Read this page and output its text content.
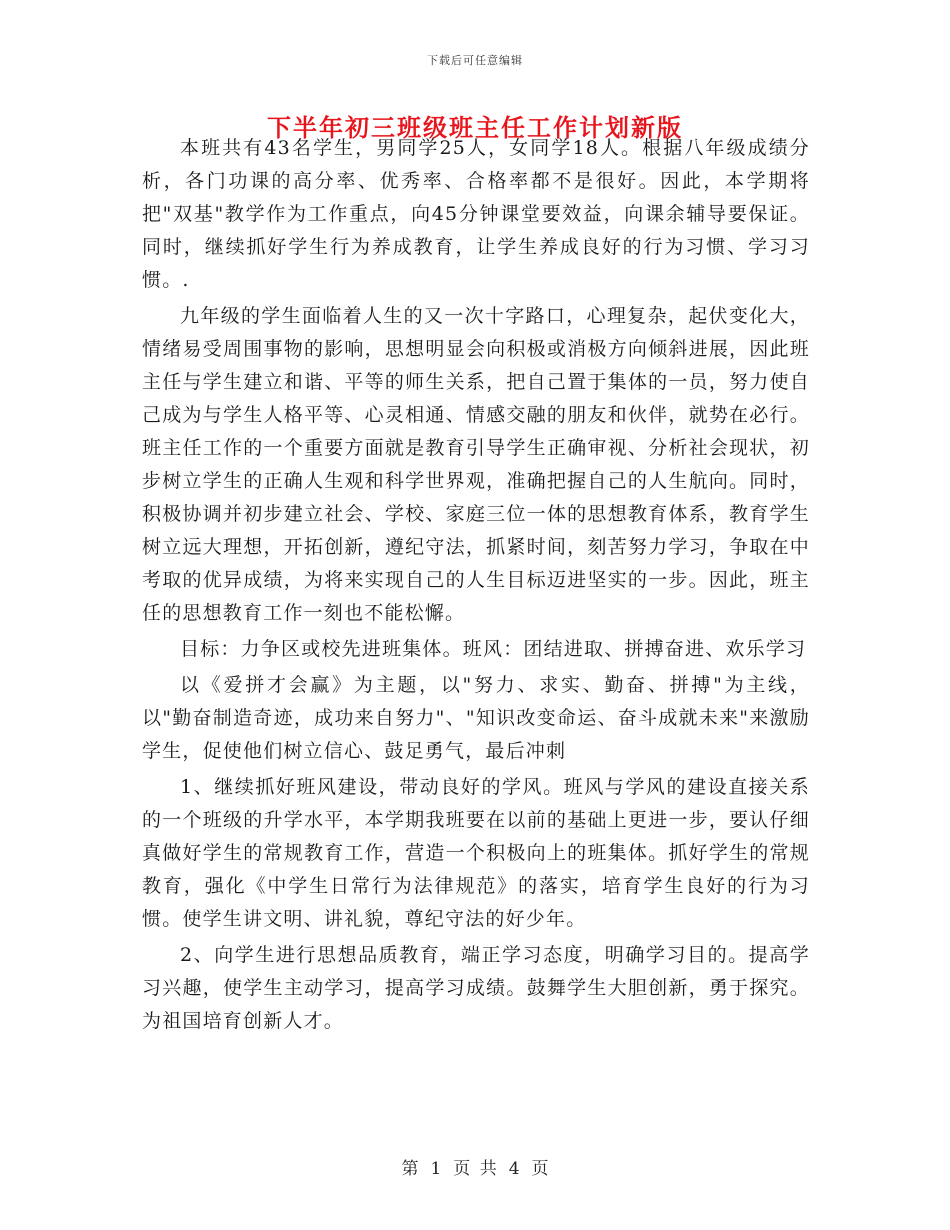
下载后可任意编辑
下半年初三班级班主任工作计划新版

本班共有43名学生，男同学25人，女同学18人。根据八年级成绩分析，各门功课的高分率、优秀率、合格率都不是很好。因此，本学期将把"双基"教学作为工作重点，向45分钟课堂要效益，向课余辅导要保证。同时，继续抓好学生行为养成教育，让学生养成良好的行为习惯、学习习惯。.

九年级的学生面临着人生的又一次十字路口，心理复杂，起伏变化大，情绪易受周围事物的影响，思想明显会向积极或消极方向倾斜进展，因此班主任与学生建立和谐、平等的师生关系，把自己置于集体的一员，努力使自己成为与学生人格平等、心灵相通、情感交融的朋友和伙伴，就势在必行。班主任工作的一个重要方面就是教育引导学生正确审视、分析社会现状，初步树立学生的正确人生观和科学世界观，准确把握自己的人生航向。同时，积极协调并初步建立社会、学校、家庭三位一体的思想教育体系，教育学生树立远大理想，开拓创新，遵纪守法，抓紧时间，刻苦努力学习，争取在中考取的优异成绩，为将来实现自己的人生目标迈进坚实的一步。因此，班主任的思想教育工作一刻也不能松懈。

目标：力争区或校先进班集体。班风：团结进取、拼搏奋进、欢乐学习

以《爱拼才会赢》为主题，以"努力、求实、勤奋、拼搏"为主线，以"勤奋制造奇迹，成功来自努力"、"知识改变命运、奋斗成就未来"来激励学生，促使他们树立信心、鼓足勇气，最后冲刺

1、继续抓好班风建设，带动良好的学风。班风与学风的建设直接关系的一个班级的升学水平，本学期我班要在以前的基础上更进一步，要认仔细真做好学生的常规教育工作，营造一个积极向上的班集体。抓好学生的常规教育，强化《中学生日常行为法律规范》的落实，培育学生良好的行为习惯。使学生讲文明、讲礼貌，尊纪守法的好少年。

2、向学生进行思想品质教育，端正学习态度，明确学习目的。提高学习兴趣，使学生主动学习，提高学习成绩。鼓舞学生大胆创新，勇于探究。为祖国培育创新人才。

第 1 页 共 4 页
